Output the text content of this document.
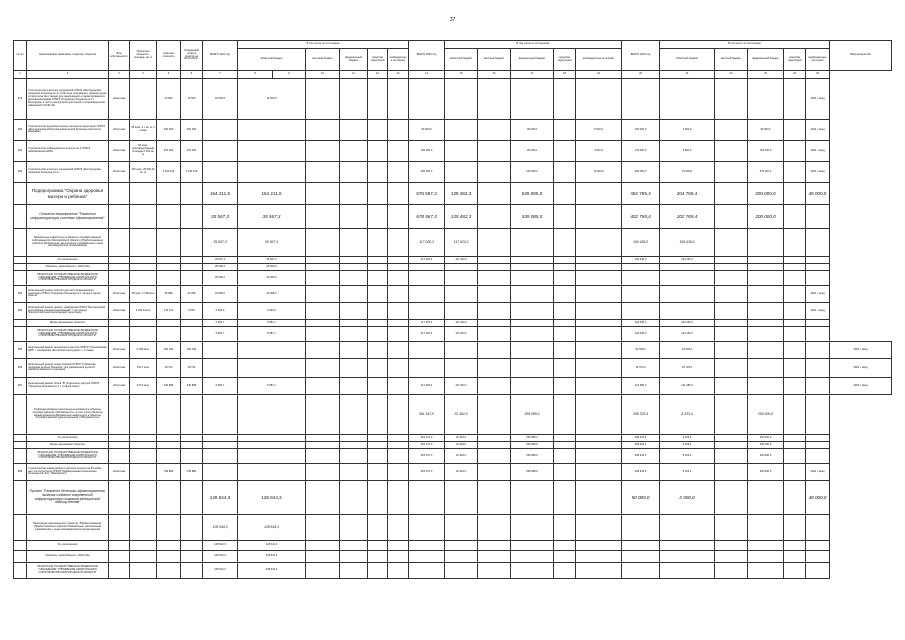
37
№ п/п	Наименование заказчиков, отраслей, объектов	Вид собственности	Проектная мощность, площадь, кв. м	Сметная стоимость	Ожидаемый остаток средств на 01.01.2021 г.	ВСЕГО 2021 год	В том числе по источникам						ВСЕГО 2022 год	В том числе по источникам:					ВСЕГО 2023 год	В том числе по источникам:					Ввод мощностей
							областной бюджет		местный бюджет	федеральный бюджет	средства территорий	внебюджетные источники		областной бюджет	местный бюджет	федеральный бюджет	средства территорий	внебюджетные источники		областной бюджет	местный бюджет	федеральный бюджет	средства территорий	внебюджетные источники	
1	2	3	4	5	6	7	8	9	10	11	12	13	14	15	16	17	18	19	20	21	22	23	24	25	
479	Строительство очистных сооружений ОГБУЗ «Белгородская городская больница № 2» (очистные сооружения, реконструкция и строительство станции для надлежащего и гарантированного функционирования ОГБУЗ «Городская больница № 2 г. Белгорода» в части прекурсоров для борьбы с коронавирусной инфекцией COVID-19)	областная		15 000	15 000	15 000,0	15 000,0																	2024 г. ввод	
480	Строительство оздоровительного центра на территории ОГБУЗ «Белгородская областная клиническая больница Святителя Иоасафа»	областная	55 коек, 4 т. кв. м, 2 этажа	300 000	300 000								50 000,0			45 000,0		5 000,0	100 000,0	4 000,0		96 000,0		2024 г. ввод	
481	Строительство инфекционного корпуса № 2 ОГБУЗ «Шебекинская ЦРБ»	областная	60 коек, производственная площадь 6 000 кв. м	270 000	270 000								100 000,0			96 000,0		4 000,0	170 000,0	6 800,0		163 200,0		2024 г. ввод	
482	Строительство очистных сооружений ОГБУЗ «Белгородская городская больница № 2»	областная	407 коек, 29 609,23 кв. м	3 014 449	3 014 449								250 000,0			240 000,0		10 000,0	600 000,0	24 000,0		576 000,0		2024 г. ввод	
	Подпрограмма "Охрана здоровья матери и ребенка"					164 211,6	164 211,6						678 567,3	139 482,3		539 085,0			452 769,4	204 769,4		200 000,0		48 000,0	
	Основное мероприятие "Развитие инфраструктуры системы здравоохранения"					35 567,3	35 567,3						678 567,3	139 482,3		539 085,0			402 769,4	202 769,4		200 000,0			
	Бюджетные инвестиции в объекты государственной собственности Белгородской области (Предоставление субсидий бюджетным, автономным учреждениям и иным некоммерческим организациям)					35 567,3	35 567,3						117 020,3	117 020,3					194 436,0	194 436,0					
	За исключением					35 567,3	35 567,3						117 020,3	117 020,3					194 436,0	194 436,0					
	Объекты, переходящие с 2020 года					25 000,0	25 000,0																		
	ОБЛАСТНОЕ ГОСУДАРСТВЕННОЕ БЮДЖЕТНОЕ УЧРЕЖДЕНИЕ "УПРАВЛЕНИЕ КАПИТАЛЬНОГО СТРОИТЕЛЬСТВА БЕЛГОРОДСКОЙ ОБЛАСТИ"					25 000,0	25 000,0																		
483	Капитальный ремонт корпуса детского инфекционного отделения ОГБУЗ "Городская больница № 1 города Старого Оскола"	областная	58 коек, 3 738 кв.м	48 988	24 058	24 058,0	24 058,0																	2021 г. ввод	
484	Капитальный ремонт кровли, помещений ОГБУЗ "Белгородский дом ребёнка специализированный" с частичным благоустройством прилегающей территории	областная	3 290,9 кв.м	170 113	5 520	5 520,0	5 520,0																	2021 г. ввод	
	Вновь начинаемые объекты					5 581,7	5 581,7						117 020,3	117 020,3					194 436,0	194 436,0					
	ОБЛАСТНОЕ ГОСУДАРСТВЕННОЕ БЮДЖЕТНОЕ УЧРЕЖДЕНИЕ "УПРАВЛЕНИЕ КАПИТАЛЬНОГО СТРОИТЕЛЬСТВА БЕЛГОРОДСКОЙ ОБЛАСТИ"					5 581,7	5 581,7						117 020,3	117 020,3					194 436,0	194 436,0					
485	Капитальный ремонт акушерского корпуса ОГБУЗ "Алексеевская ЦРБ" г. Алексеевка (без жилой конструкции – 2 этажа)	областная	6 789 кв.м.	150 180	150 180														54 548,0	54 548,0					2024 г. ввод
486	Капитальный ремонт хирургический ОГБУЗ "Губкинская городская детская больница" под размещение детского реабилитационного отделения	областная	351,1 кв.м	18 724	18 724														18 724,0	18 724,0					2023 г. ввод
487	Капитальный ремонт блока "В" родильного корпуса ОГБУЗ "Городская больница № 1 г. Старый Оскол"	областная	4 074 кв.м.	240 886	240 886	5 581,7	5 581,7						117 020,3	117 020,3					121 380,0	121 380,0					2023 г. ввод
	Софинансирование капитальных вложений в объекты государственной собственности, в том числе объекты здравоохранения (Бюджетные инвестиции в объекты государственной (муниципальной) собственности)												561 547,0	22 462,0		539 085,0			208 333,4	8 333,4		200 000,0			
	За исключением												561 547,0	22 462,0		539 085,0			208 333,4	8 333,4		200 000,0			
	Вновь начинаемые объекты												561 547,0	22 462,0		539 085,0			208 333,4	8 333,4		200 000,0			
	ОБЛАСТНОЕ ГОСУДАРСТВЕННОЕ БЮДЖЕТНОЕ УЧРЕЖДЕНИЕ "УПРАВЛЕНИЕ КАПИТАЛЬНОГО СТРОИТЕЛЬСТВА БЕЛГОРОДСКОЙ ОБЛАСТИ"												561 547,0	22 462,0		539 085,0			208 333,4	8 333,4		200 000,0			
488	Строительство инфекционного детского корпуса на 60 койко-мест на территории ОГБУЗ "Инфекционная клиническая больница им. Е.Н. Павловского"	областная		769 880	769 880								561 547,0	22 462,0		539 085,0			208 333,4	8 333,4		200 000,0		2024 г. ввод	
	Проект "Развитие детского здравоохранения, включая создание современной инфраструктуры оказания медицинской помощи детям"					128 644,3	128 644,3												50 000,0	2 000,0				48 000,0	
	Реализация национального проекта "Здравоохранение" (Предоставление субсидий бюджетным, автономным учреждениям и иным некоммерческим организациям)					128 644,3	128 644,3																		
	За исключением					128 644,3	128 644,3																		
	Объекты, переходящие с 2020 года					128 644,3	128 644,3																		
	ОБЛАСТНОЕ ГОСУДАРСТВЕННОЕ БЮДЖЕТНОЕ УЧРЕЖДЕНИЕ "УПРАВЛЕНИЕ КАПИТАЛЬНОГО СТРОИТЕЛЬСТВА БЕЛГОРОДСКОЙ ОБЛАСТИ"					128 644,3	128 644,3																		
